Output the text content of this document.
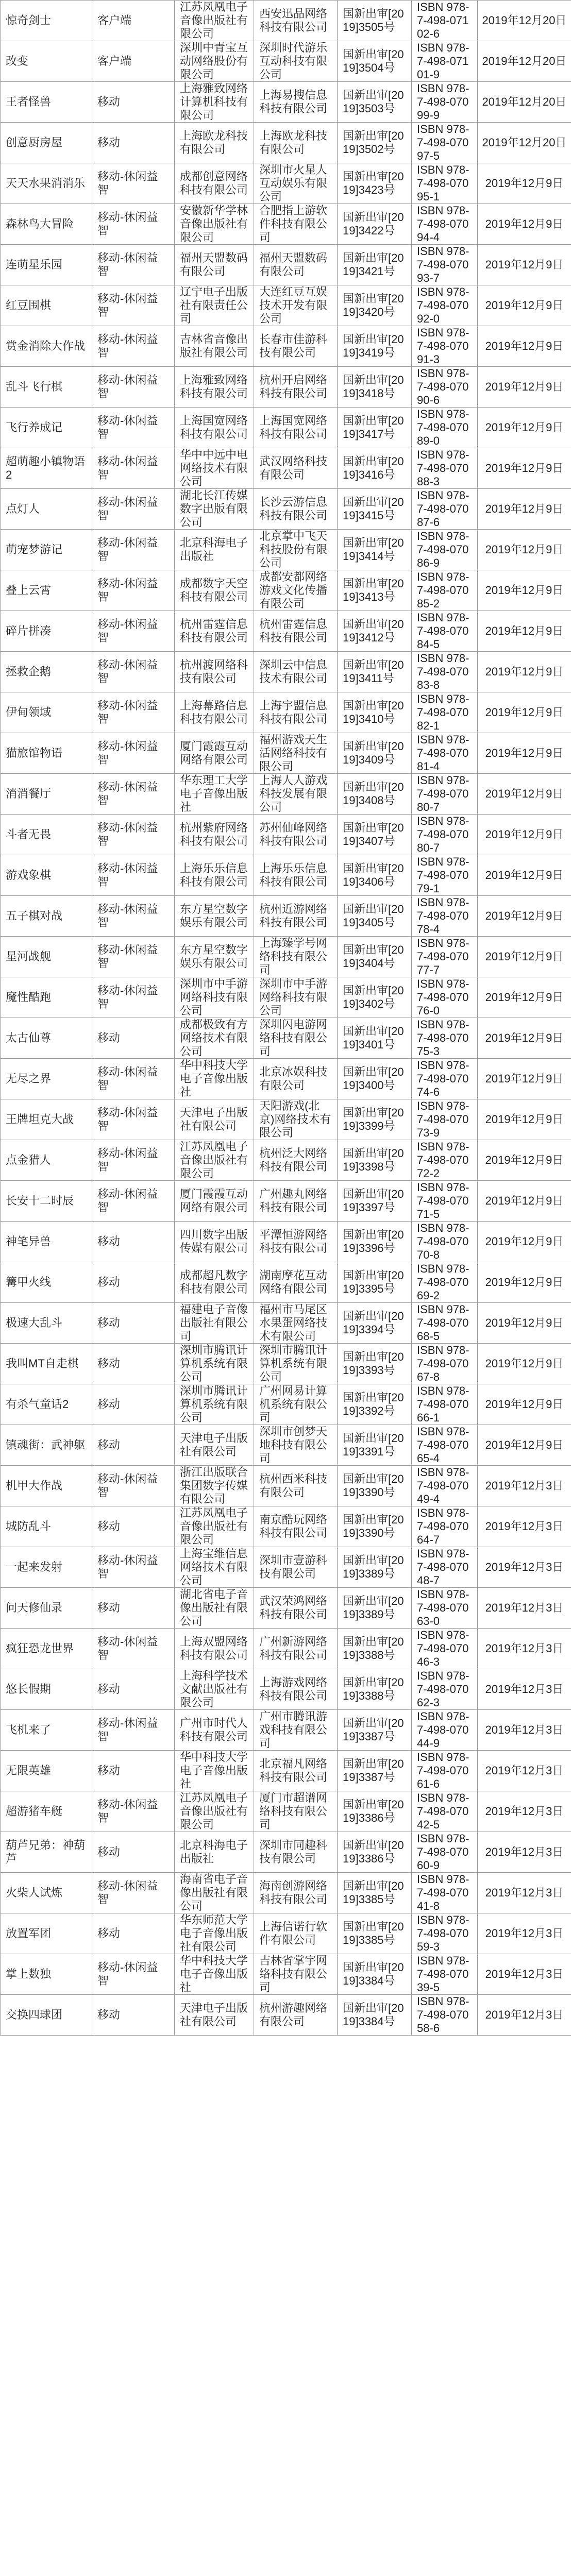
惊奇剑士	客户端	江苏凤凰电子音像出版社有限公司	西安迅品网络科技有限公司	国新出审[2019]3505号	ISBN 978-7-498-07102-6	2019年12月20日
改变	客户端	深圳中青宝互动网络股份有限公司	深圳时代游乐互动科技有限公司	国新出审[2019]3504号	ISBN 978-7-498-07101-9	2019年12月20日
王者怪兽	移动	上海雅致网络计算机科技有限公司	上海易搜信息科技有限公司	国新出审[2019]3503号	ISBN 978-7-498-07099-9	2019年12月20日
创意厨房屋	移动	上海欧龙科技有限公司	上海欧龙科技有限公司	国新出审[2019]3502号	ISBN 978-7-498-07097-5	2019年12月20日
天天水果消消乐	移动-休闲益智	成都创意网络科技有限公司	深圳市火星人互动娱乐有限公司	国新出审[2019]3423号	ISBN 978-7-498-07095-1	2019年12月9日
森林鸟大冒险	移动-休闲益智	安徽新华学林音像出版社有限公司	合肥指上游软件科技有限公司	国新出审[2019]3422号	ISBN 978-7-498-07094-4	2019年12月9日
连萌星乐园	移动-休闲益智	福州天盟数码有限公司	福州天盟数码有限公司	国新出审[2019]3421号	ISBN 978-7-498-07093-7	2019年12月9日
红豆围棋	移动-休闲益智	辽宁电子出版社有限责任公司	大连红豆互娱技术开发有限公司	国新出审[2019]3420号	ISBN 978-7-498-07092-0	2019年12月9日
赏金消除大作战	移动-休闲益智	吉林省音像出版社有限公司	长春市佳游科技有限公司	国新出审[2019]3419号	ISBN 978-7-498-07091-3	2019年12月9日
乱斗飞行棋	移动-休闲益智	上海雅致网络科技有限公司	杭州开启网络科技有限公司	国新出审[2019]3418号	ISBN 978-7-498-07090-6	2019年12月9日
飞行养成记	移动-休闲益智	上海国宽网络科技有限公司	上海国宽网络科技有限公司	国新出审[2019]3417号	ISBN 978-7-498-07089-0	2019年12月9日
超萌趣小镇物语2	移动-休闲益智	华中中远中电网络技术有限公司	武汉网络科技有限公司	国新出审[2019]3416号	ISBN 978-7-498-07088-3	2019年12月9日
点灯人	移动-休闲益智	湖北长江传媒数字出版有限公司	长沙云游信息科技有限公司	国新出审[2019]3415号	ISBN 978-7-498-07087-6	2019年12月9日
萌宠梦游记	移动-休闲益智	北京科海电子出版社	北京掌中飞天科技股份有限公司	国新出审[2019]3414号	ISBN 978-7-498-07086-9	2019年12月9日
叠上云霄	移动-休闲益智	成都数字天空科技有限公司	成都安都网络游戏文化传播有限公司	国新出审[2019]3413号	ISBN 978-7-498-07085-2	2019年12月9日
碎片拼凑	移动-休闲益智	杭州雷霆信息科技有限公司	杭州雷霆信息科技有限公司	国新出审[2019]3412号	ISBN 978-7-498-07084-5	2019年12月9日
拯救企鹅	移动-休闲益智	杭州渡网络科技有限公司	深圳云中信息技术有限公司	国新出审[2019]3411号	ISBN 978-7-498-07083-8	2019年12月9日
伊甸领域	移动-休闲益智	上海幕路信息科技有限公司	上海宇盟信息科技有限公司	国新出审[2019]3410号	ISBN 978-7-498-07082-1	2019年12月9日
猫旅馆物语	移动-休闲益智	厦门霞霞互动网络有限公司	福州游戏天生活网络科技有限公司	国新出审[2019]3409号	ISBN 978-7-498-07081-4	2019年12月9日
消消餐厅	移动-休闲益智	华东理工大学电子音像出版社	上海人人游戏科技发展有限公司	国新出审[2019]3408号	ISBN 978-7-498-07080-7	2019年12月9日
斗者无畏	移动-休闲益智	杭州紫府网络科技有限公司	苏州仙峰网络科技有限公司	国新出审[2019]3407号	ISBN 978-7-498-07080-7	2019年12月9日
游戏象棋	移动-休闲益智	上海乐乐信息科技有限公司	上海乐乐信息科技有限公司	国新出审[2019]3406号	ISBN 978-7-498-07079-1	2019年12月9日
五子棋对战	移动-休闲益智	东方星空数字娱乐有限公司	杭州近游网络科技有限公司	国新出审[2019]3405号	ISBN 978-7-498-07078-4	2019年12月9日
星河战舰	移动-休闲益智	东方星空数字娱乐有限公司	上海臻学号网络科技有限公司	国新出审[2019]3404号	ISBN 978-7-498-07077-7	2019年12月9日
魔性酷跑	移动-休闲益智	深圳市中手游网络科技有限公司	深圳市中手游网络科技有限公司	国新出审[2019]3402号	ISBN 978-7-498-07076-0	2019年12月9日
太古仙尊	移动	成都极致有方网络技术有限公司	深圳闪电游网络科技有限公司	国新出审[2019]3401号	ISBN 978-7-498-07075-3	2019年12月9日
无尽之界	移动-休闲益智	华中科技大学电子音像出版社	北京冰娱科技有限公司	国新出审[2019]3400号	ISBN 978-7-498-07074-6	2019年12月9日
王牌坦克大战	移动-休闲益智	天津电子出版社有限公司	天阳游戏(北京)网络技术有限公司	国新出审[2019]3399号	ISBN 978-7-498-07073-9	2019年12月9日
点金猎人	移动-休闲益智	江苏凤凰电子音像出版社有限公司	杭州泛大网络科技有限公司	国新出审[2019]3398号	ISBN 978-7-498-07072-2	2019年12月9日
长安十二时辰	移动-休闲益智	厦门霞霞互动网络有限公司	广州趣丸网络科技有限公司	国新出审[2019]3397号	ISBN 978-7-498-07071-5	2019年12月9日
神笔异兽	移动	四川数字出版传媒有限公司	平潭恒游网络科技有限公司	国新出审[2019]3396号	ISBN 978-7-498-07070-8	2019年12月9日
篝甲火线	移动	成都超凡数字科技有限公司	湖南摩花互动网络有限公司	国新出审[2019]3395号	ISBN 978-7-498-07069-2	2019年12月9日
极速大乱斗	移动	福建电子音像出版社有限公司	福州市马尾区水果蛋网络技术有限公司	国新出审[2019]3394号	ISBN 978-7-498-07068-5	2019年12月9日
我叫MT自走棋	移动	深圳市腾讯计算机系统有限公司	深圳市腾讯计算机系统有限公司	国新出审[2019]3393号	ISBN 978-7-498-07067-8	2019年12月9日
有杀气童话2	移动	深圳市腾讯计算机系统有限公司	广州网易计算机系统有限公司	国新出审[2019]3392号	ISBN 978-7-498-07066-1	2019年12月9日
镇魂街：武神躯	移动	天津电子出版社有限公司	深圳市创梦天地科技有限公司	国新出审[2019]3391号	ISBN 978-7-498-07065-4	2019年12月9日
机甲大作战	移动-休闲益智	浙江出版联合集团数字传媒有限公司	杭州西米科技有限公司	国新出审[2019]3390号	ISBN 978-7-498-07049-4	2019年12月3日
城防乱斗	移动	江苏凤凰电子音像出版社有限公司	南京酷玩网络科技有限公司	国新出审[2019]3390号	ISBN 978-7-498-07064-7	2019年12月3日
一起来发射	移动-休闲益智	上海宝维信息网络技术有限公司	深圳市壹游科技有限公司	国新出审[2019]3389号	ISBN 978-7-498-07048-7	2019年12月3日
问天修仙录	移动	湖北省电子音像出版社有限公司	武汉荣鸿网络科技有限公司	国新出审[2019]3389号	ISBN 978-7-498-07063-0	2019年12月3日
疯狂恐龙世界	移动-休闲益智	上海双盟网络科技有限公司	广州新游网络科技有限公司	国新出审[2019]3388号	ISBN 978-7-498-07046-3	2019年12月3日
悠长假期	移动	上海科学技术文献出版社有限公司	上海游戏网络科技有限公司	国新出审[2019]3388号	ISBN 978-7-498-07062-3	2019年12月3日
飞机来了	移动-休闲益智	广州市时代人科技有限公司	广州市腾讯游戏科技有限公司	国新出审[2019]3387号	ISBN 978-7-498-07044-9	2019年12月3日
无限英雄	移动	华中科技大学电子音像出版社	北京福凡网络科技有限公司	国新出审[2019]3387号	ISBN 978-7-498-07061-6	2019年12月3日
超游猪车艇	移动-休闲益智	江苏凤凰电子音像出版社有限公司	厦门市超谱网络科技有限公司	国新出审[2019]3386号	ISBN 978-7-498-07042-5	2019年12月3日
葫芦兄弟：神葫芦	移动	北京科海电子出版社	深圳市同趣科技有限公司	国新出审[2019]3386号	ISBN 978-7-498-07060-9	2019年12月3日
火柴人试炼	移动-休闲益智	海南省电子音像出版社有限公司	海南创游网络科技有限公司	国新出审[2019]3385号	ISBN 978-7-498-07041-8	2019年12月3日
放置军团	移动	华东师范大学电子音像出版社有限公司	上海信诺行软件有限公司	国新出审[2019]3385号	ISBN 978-7-498-07059-3	2019年12月3日
掌上数独	移动-休闲益智	华中科技大学电子音像出版社	吉林省掌宇网络科技有限公司	国新出审[2019]3384号	ISBN 978-7-498-07039-5	2019年12月3日
交换四球团	移动	天津电子出版社有限公司	杭州游趣网络有限公司	国新出审[2019]3384号	ISBN 978-7-498-07058-6	2019年12月3日
